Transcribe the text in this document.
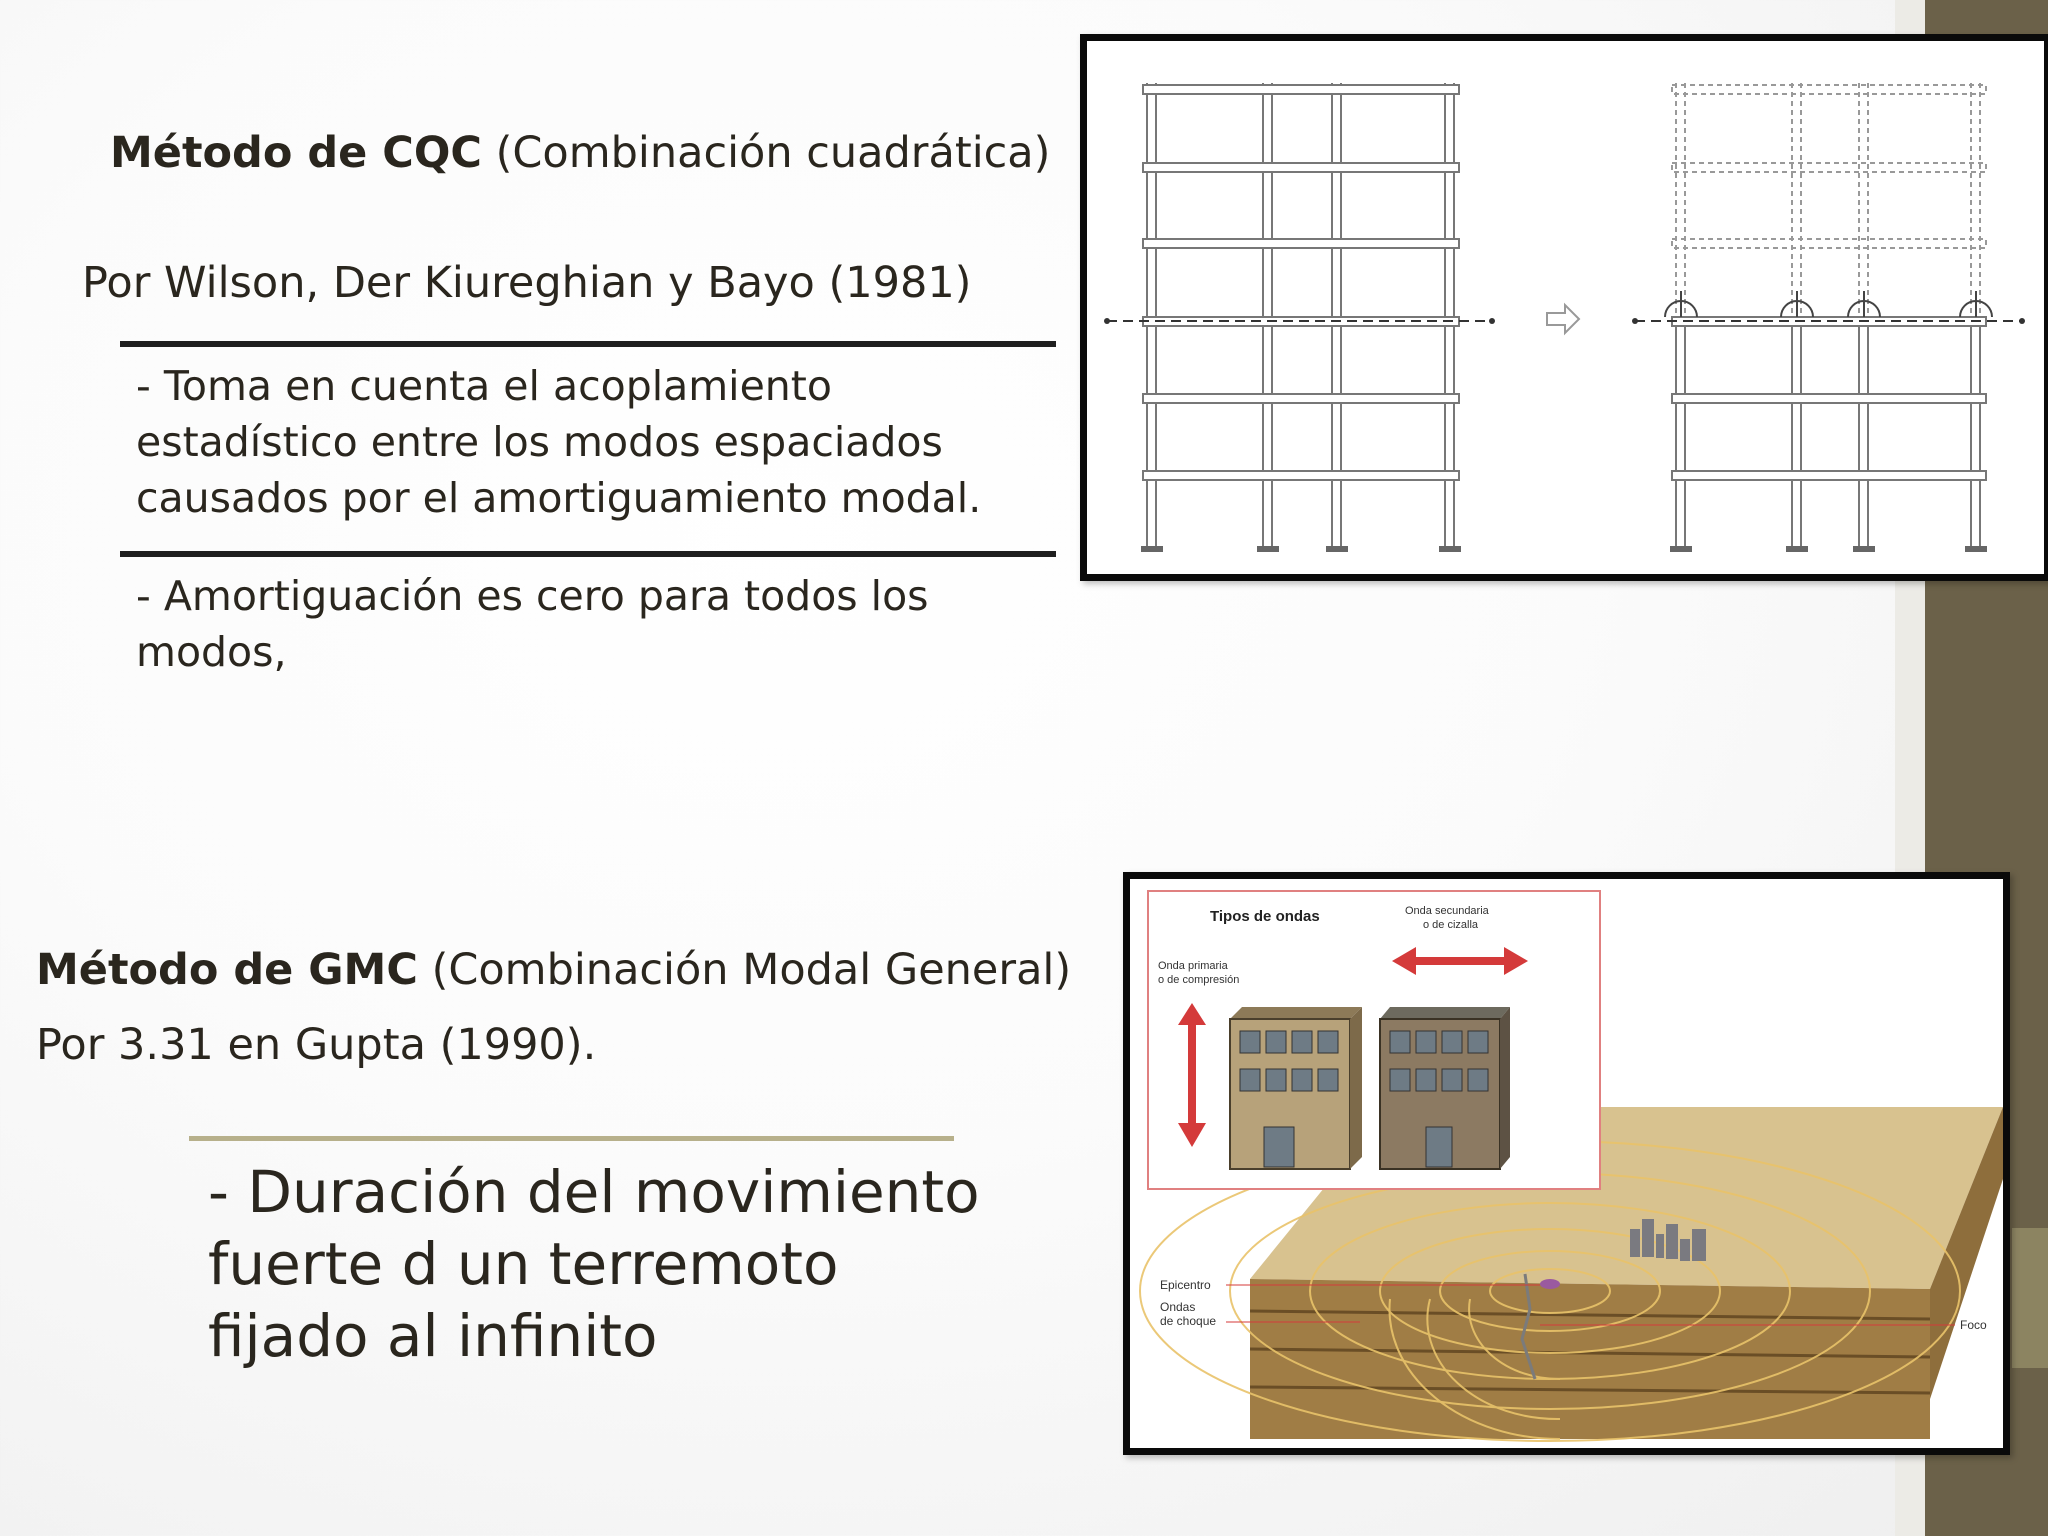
Método de CQC (Combinación cuadrática)
Por Wilson, Der Kiureghian y Bayo (1981)
- Toma en cuenta el acoplamiento
estadístico entre los modos espaciados
causados por el amortiguamiento modal.
- Amortiguación es cero para todos los
modos,
Método de GMC (Combinación Modal General)
Por 3.31 en Gupta (1990).
- Duración del movimiento
fuerte d un terremoto
fijado al infinito
Tipos de ondas
Onda primaria
o de compresión
Onda secundaria
o de cizalla
Epicentro
Ondas
de choque	Foco
